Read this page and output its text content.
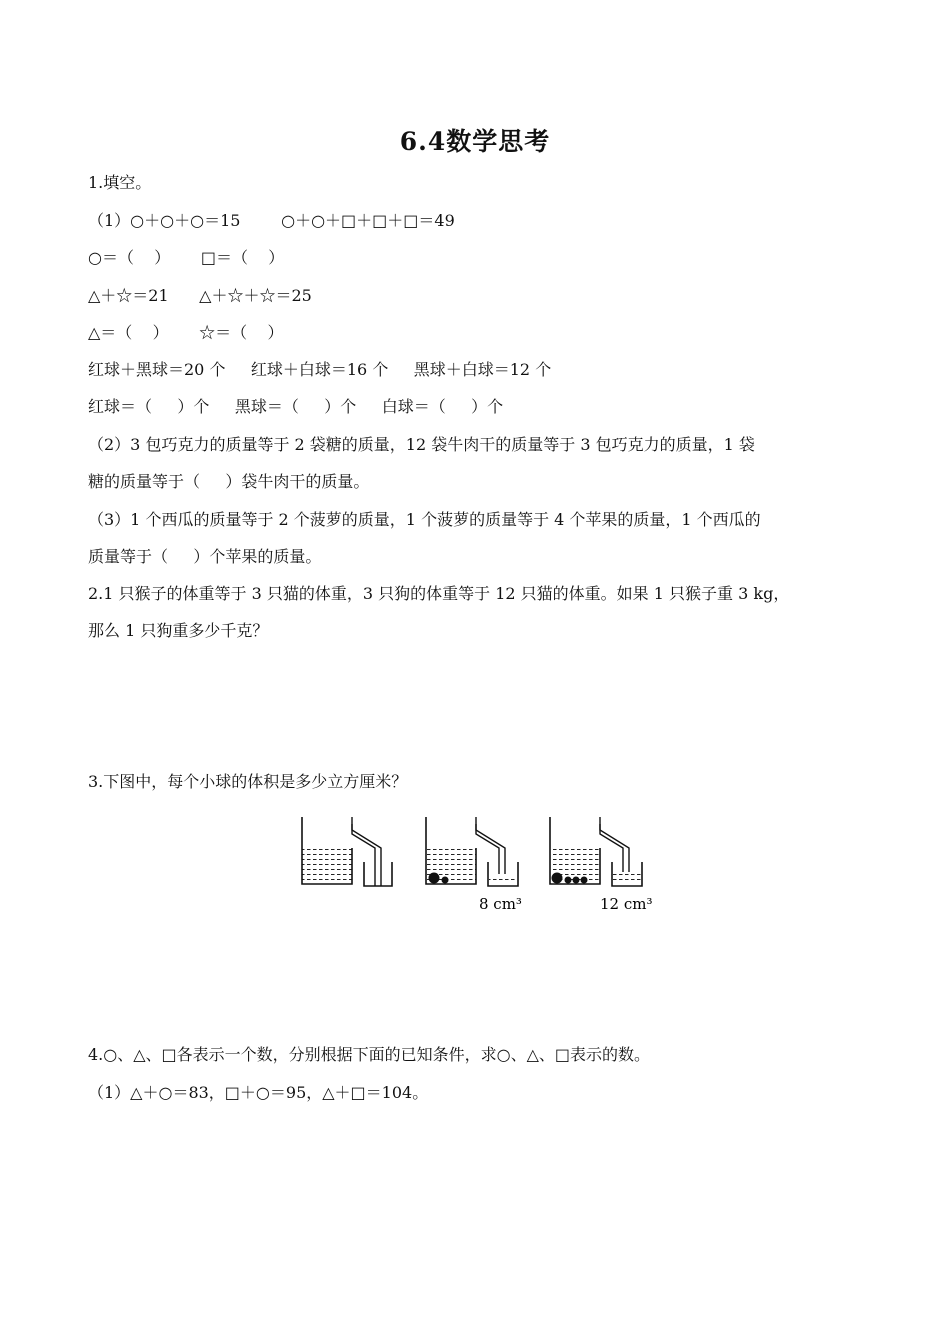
6.4数学思考
1.填空。
（1）○＋○＋○＝15        ○＋○＋□＋□＋□＝49
○＝（    ）      □＝（    ）
△＋☆＝21      △＋☆＋☆＝25
△＝（    ）      ☆＝（    ）
红球＋黑球＝20 个     红球＋白球＝16 个     黑球＋白球＝12 个
红球＝（     ）个     黑球＝（     ）个     白球＝（     ）个
（2）3 包巧克力的质量等于 2 袋糖的质量，12 袋牛肉干的质量等于 3 包巧克力的质量，1 袋
糖的质量等于（     ）袋牛肉干的质量。
（3）1 个西瓜的质量等于 2 个菠萝的质量，1 个菠萝的质量等于 4 个苹果的质量，1 个西瓜的
质量等于（     ）个苹果的质量。
2.1 只猴子的体重等于 3 只猫的体重，3 只狗的体重等于 12 只猫的体重。如果 1 只猴子重 3 kg，
那么 1 只狗重多少千克？
3.下图中，每个小球的体积是多少立方厘米？
8 cm³	12 cm³
4.○、△、□各表示一个数，分别根据下面的已知条件，求○、△、□表示的数。
（1）△＋○＝83，□＋○＝95，△＋□＝104。
